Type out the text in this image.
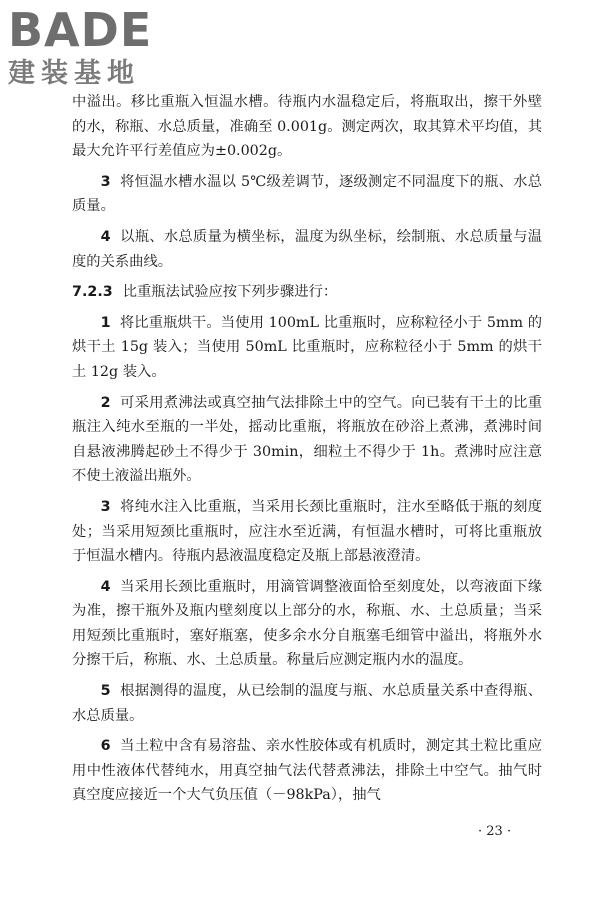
BADE
建装基地

中溢出。移比重瓶入恒温水槽。待瓶内水温稳定后，将瓶取出，擦干外壁的水，称瓶、水总质量，准确至 0.001g。测定两次，取其算术平均值，其最大允许平行差值应为±0.002g。

3 将恒温水槽水温以 5℃级差调节，逐级测定不同温度下的瓶、水总质量。

4 以瓶、水总质量为横坐标，温度为纵坐标，绘制瓶、水总质量与温度的关系曲线。

7.2.3 比重瓶法试验应按下列步骤进行：

1 将比重瓶烘干。当使用 100mL 比重瓶时，应称粒径小于 5mm 的烘干土 15g 装入；当使用 50mL 比重瓶时，应称粒径小于 5mm 的烘干土 12g 装入。

2 可采用煮沸法或真空抽气法排除土中的空气。向已装有干土的比重瓶注入纯水至瓶的一半处，摇动比重瓶，将瓶放在砂浴上煮沸，煮沸时间自悬液沸腾起砂土不得少于 30min，细粒土不得少于 1h。煮沸时应注意不使土液溢出瓶外。

3 将纯水注入比重瓶，当采用长颈比重瓶时，注水至略低于瓶的刻度处；当采用短颈比重瓶时，应注水至近满，有恒温水槽时，可将比重瓶放于恒温水槽内。待瓶内悬液温度稳定及瓶上部悬液澄清。

4 当采用长颈比重瓶时，用滴管调整液面恰至刻度处，以弯液面下缘为准，擦干瓶外及瓶内壁刻度以上部分的水，称瓶、水、土总质量；当采用短颈比重瓶时，塞好瓶塞，使多余水分自瓶塞毛细管中溢出，将瓶外水分擦干后，称瓶、水、土总质量。称量后应测定瓶内水的温度。

5 根据测得的温度，从已绘制的温度与瓶、水总质量关系中查得瓶、水总质量。

6 当土粒中含有易溶盐、亲水性胶体或有机质时，测定其土粒比重应用中性液体代替纯水，用真空抽气法代替煮沸法，排除土中空气。抽气时真空度应接近一个大气负压值（－98kPa），抽气

· 23 ·
